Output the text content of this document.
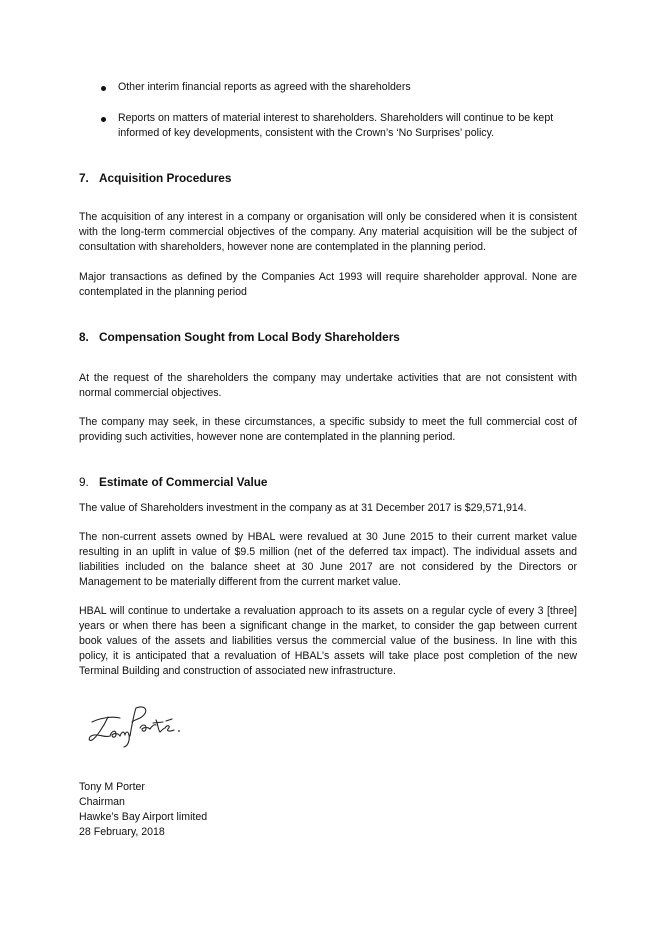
Other interim financial reports as agreed with the shareholders

Reports on matters of material interest to shareholders. Shareholders will continue to be kept informed of key developments, consistent with the Crown’s ‘No Surprises’ policy.

7. Acquisition Procedures

The acquisition of any interest in a company or organisation will only be considered when it is consistent with the long-term commercial objectives of the company. Any material acquisition will be the subject of consultation with shareholders, however none are contemplated in the planning period.

Major transactions as defined by the Companies Act 1993 will require shareholder approval. None are contemplated in the planning period

8. Compensation Sought from Local Body Shareholders

At the request of the shareholders the company may undertake activities that are not consistent with normal commercial objectives.

The company may seek, in these circumstances, a specific subsidy to meet the full commercial cost of providing such activities, however none are contemplated in the planning period.

9. Estimate of Commercial Value

The value of Shareholders investment in the company as at 31 December 2017 is $29,571,914.

The non-current assets owned by HBAL were revalued at 30 June 2015 to their current market value resulting in an uplift in value of $9.5 million (net of the deferred tax impact). The individual assets and liabilities included on the balance sheet at 30 June 2017 are not considered by the Directors or Management to be materially different from the current market value.

HBAL will continue to undertake a revaluation approach to its assets on a regular cycle of every 3 [three] years or when there has been a significant change in the market, to consider the gap between current book values of the assets and liabilities versus the commercial value of the business. In line with this policy, it is anticipated that a revaluation of HBAL’s assets will take place post completion of the new Terminal Building and construction of associated new infrastructure.

Tony M Porter

Chairman

Hawke’s Bay Airport limited

28 February, 2018
